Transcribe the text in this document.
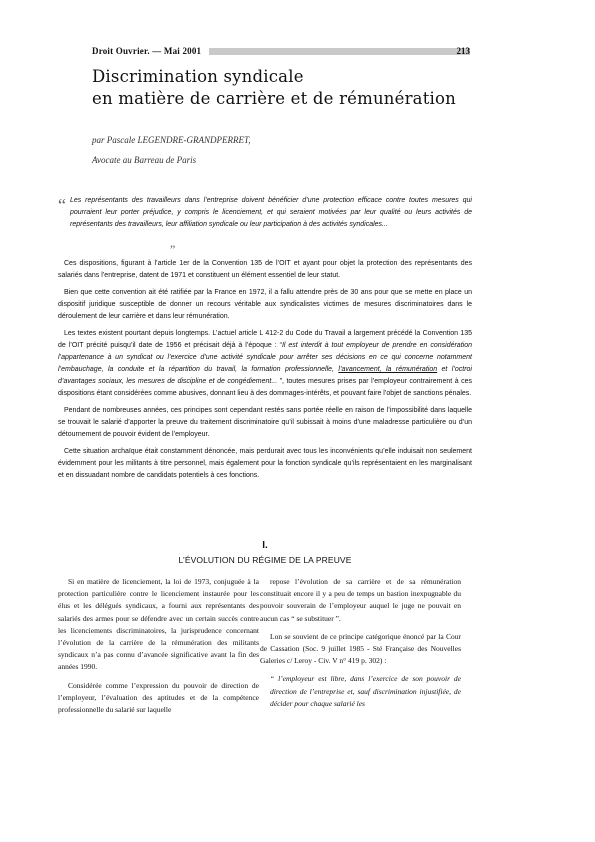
Droit Ouvrier. — Mai 2001	213
Discrimination syndicale
en matière de carrière et de rémunération
par Pascale LEGENDRE-GRANDPERRET,
Avocate au Barreau de Paris
“ Les représentants des travailleurs dans l’entreprise doivent bénéficier d’une protection efficace contre toutes mesures qui pourraient leur porter préjudice, y compris le licenciement, et qui seraient motivées par leur qualité ou leurs activités de représentants des travailleurs, leur affiliation syndicale ou leur participation à des activités syndicales...
”

Ces dispositions, figurant à l’article 1er de la Convention 135 de l’OIT et ayant pour objet la protection des représentants des salariés dans l’entreprise, datent de 1971 et constituent un élément essentiel de leur statut.

Bien que cette convention ait été ratifiée par la France en 1972, il a fallu attendre près de 30 ans pour que se mette en place un dispositif juridique susceptible de donner un recours véritable aux syndicalistes victimes de mesures discriminatoires dans le déroulement de leur carrière et dans leur rémunération.

Les textes existent pourtant depuis longtemps. L’actuel article L 412-2 du Code du Travail a largement précédé la Convention 135 de l’OIT précité puisqu’il date de 1956 et précisait déjà à l’époque : “Il est interdit à tout employeur de prendre en considération l’appartenance à un syndicat ou l’exercice d’une activité syndicale pour arrêter ses décisions en ce qui concerne notamment l’embauchage, la conduite et la répartition du travail, la formation professionnelle, l’avancement, la rémunération et l’octroi d’avantages sociaux, les mesures de discipline et de congédiement... ”, toutes mesures prises par l’employeur contrairement à ces dispositions étant considérées comme abusives, donnant lieu à des dommages-intérêts, et pouvant faire l’objet de sanctions pénales.

Pendant de nombreuses années, ces principes sont cependant restés sans portée réelle en raison de l’impossibilité dans laquelle se trouvait le salarié d’apporter la preuve du traitement discriminatoire qu’il subissait à moins d’une maladresse particulière ou d’un détournement de pouvoir évident de l’employeur.

Cette situation archaïque était constamment dénoncée, mais perdurait avec tous les inconvénients qu’elle induisait non seulement évidemment pour les militants à titre personnel, mais également pour la fonction syndicale qu’ils représentaient en les marginalisant et en dissuadant nombre de candidats potentiels à ces fonctions.

I.
L’ÉVOLUTION DU RÉGIME DE LA PREUVE

Si en matière de licenciement, la loi de 1973, conjuguée à la protection particulière contre le licenciement instaurée pour les élus et les délégués syndicaux, a fourni aux représentants des salariés des armes pour se défendre avec un certain succès contre les licenciements discriminatoires, la jurisprudence concernant l’évolution de la carrière de la rémunération des militants syndicaux n’a pas connu d’avancée significative avant la fin des années 1990.

Considérée comme l’expression du pouvoir de direction de l’employeur, l’évaluation des aptitudes et de la compétence professionnelle du salarié sur laquelle

repose l’évolution de sa carrière et de sa rémunération constituait encore il y a peu de temps un bastion inexpugnable du pouvoir souverain de l’employeur auquel le juge ne pouvait en aucun cas “ se substituer ”.

Lon se souvient de ce principe catégorique énoncé par la Cour de Cassation (Soc. 9 juillet 1985 - Sté Française des Nouvelles Galeries c/ Leroy - Civ. V n° 419 p. 302) :

“ l’employeur est libre, dans l’exercice de son pouvoir de direction de l’entreprise et, sauf discrimination injustifiée, de décider pour chaque salarié les
